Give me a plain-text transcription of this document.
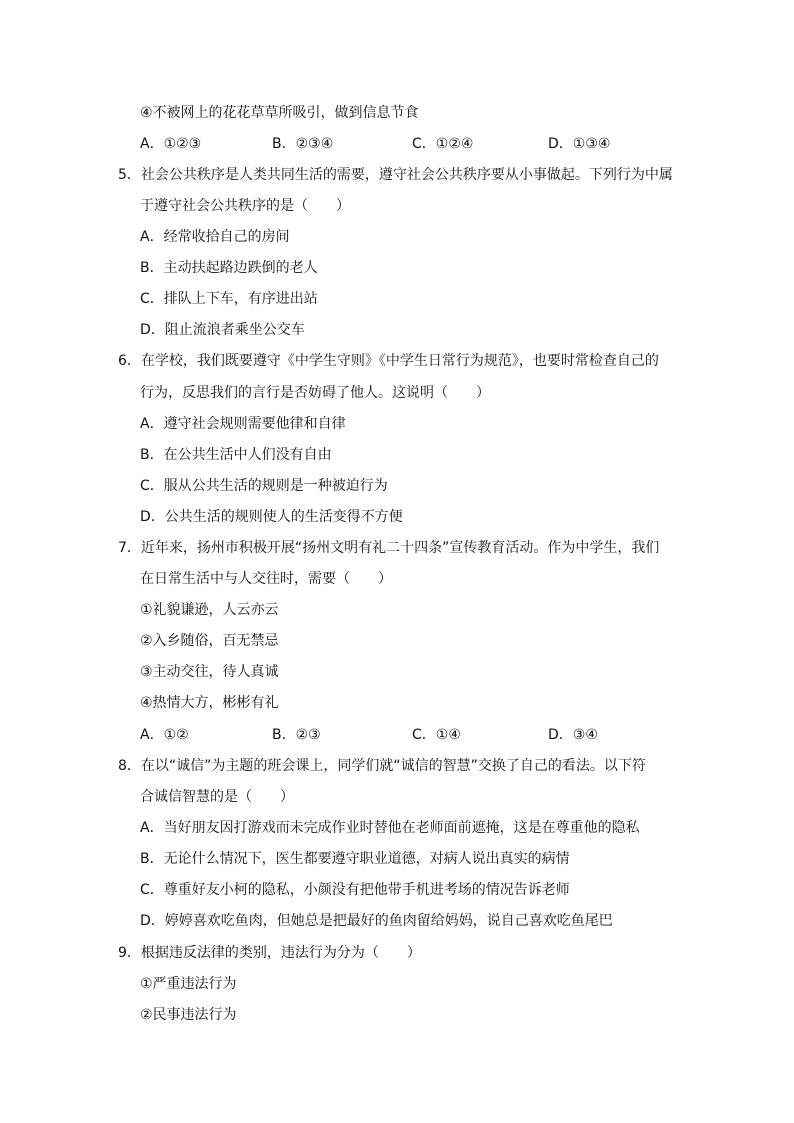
④不被网上的花花草草所吸引，做到信息节食
A．①②③	B．②③④	C．①②④	D．①③④
5．社会公共秩序是人类共同生活的需要，遵守社会公共秩序要从小事做起。下列行为中属
于遵守社会公共秩序的是（　　）
A．经常收拾自己的房间
B．主动扶起路边跌倒的老人
C．排队上下车，有序进出站
D．阻止流浪者乘坐公交车
6．在学校，我们既要遵守《中学生守则》《中学生日常行为规范》，也要时常检查自己的
行为，反思我们的言行是否妨碍了他人。这说明（　　）
A．遵守社会规则需要他律和自律
B．在公共生活中人们没有自由
C．服从公共生活的规则是一种被迫行为
D．公共生活的规则使人的生活变得不方便
7．近年来，扬州市积极开展“扬州文明有礼二十四条”宣传教育活动。作为中学生，我们
在日常生活中与人交往时，需要（　　）
①礼貌谦逊，人云亦云
②入乡随俗，百无禁忌
③主动交往，待人真诚
④热情大方，彬彬有礼
A．①②	B．②③	C．①④	D．③④
8．在以“诚信”为主题的班会课上，同学们就“诚信的智慧”交换了自己的看法。以下符
合诚信智慧的是（　　）
A．当好朋友因打游戏而未完成作业时替他在老师面前遮掩，这是在尊重他的隐私
B．无论什么情况下，医生都要遵守职业道德，对病人说出真实的病情
C．尊重好友小柯的隐私，小颜没有把他带手机进考场的情况告诉老师
D．婷婷喜欢吃鱼肉，但她总是把最好的鱼肉留给妈妈，说自己喜欢吃鱼尾巴
9．根据违反法律的类别，违法行为分为（　　）
①严重违法行为
②民事违法行为
